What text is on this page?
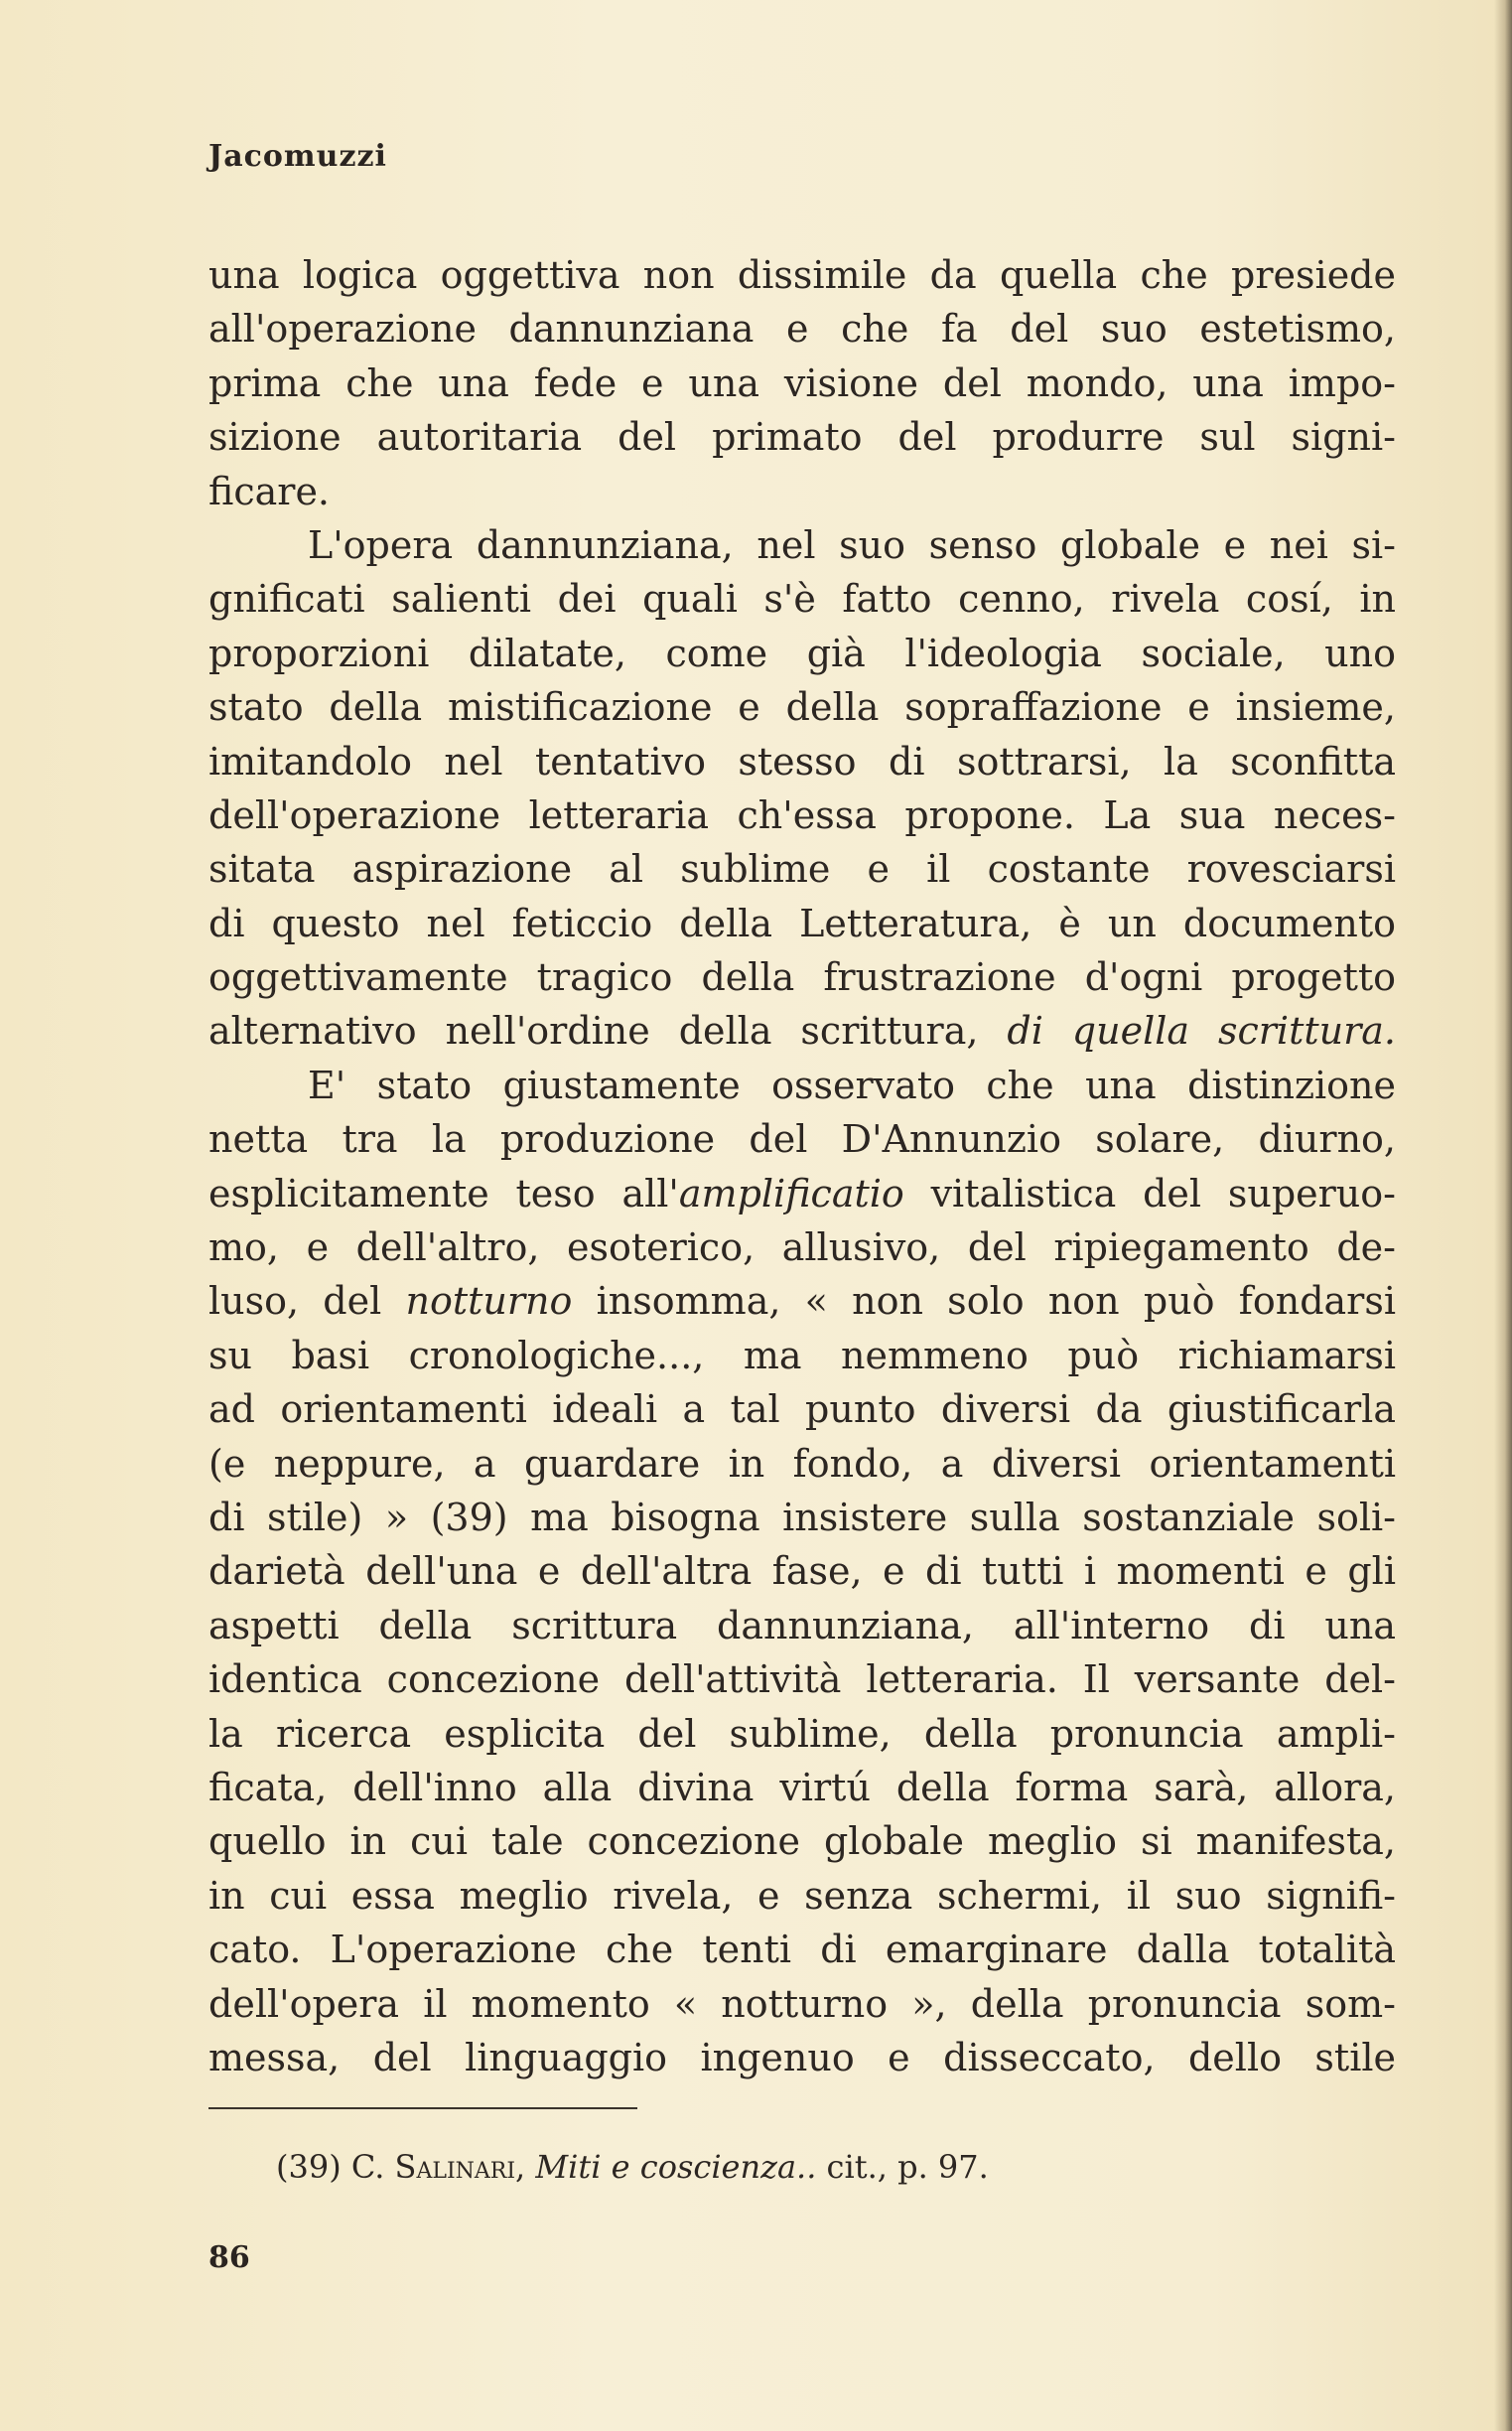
Jacomuzzi
una logica oggettiva non dissimile da quella che presiede
all'operazione dannunziana e che fa del suo estetismo,
prima che una fede e una visione del mondo, una impo-
sizione autoritaria del primato del produrre sul signi-
ficare.
L'opera dannunziana, nel suo senso globale e nei si-
gnificati salienti dei quali s'è fatto cenno, rivela cosí, in
proporzioni dilatate, come già l'ideologia sociale, uno
stato della mistificazione e della sopraffazione e insieme,
imitandolo nel tentativo stesso di sottrarsi, la sconfitta
dell'operazione letteraria ch'essa propone. La sua neces-
sitata aspirazione al sublime e il costante rovesciarsi
di questo nel feticcio della Letteratura, è un documento
oggettivamente tragico della frustrazione d'ogni progetto
alternativo nell'ordine della scrittura, di quella scrittura.
E' stato giustamente osservato che una distinzione
netta tra la produzione del D'Annunzio solare, diurno,
esplicitamente teso all'amplificatio vitalistica del superuo-
mo, e dell'altro, esoterico, allusivo, del ripiegamento de-
luso, del notturno insomma, « non solo non può fondarsi
su basi cronologiche..., ma nemmeno può richiamarsi
ad orientamenti ideali a tal punto diversi da giustificarla
(e neppure, a guardare in fondo, a diversi orientamenti
di stile) » (39) ma bisogna insistere sulla sostanziale soli-
darietà dell'una e dell'altra fase, e di tutti i momenti e gli
aspetti della scrittura dannunziana, all'interno di una
identica concezione dell'attività letteraria. Il versante del-
la ricerca esplicita del sublime, della pronuncia ampli-
ficata, dell'inno alla divina virtú della forma sarà, allora,
quello in cui tale concezione globale meglio si manifesta,
in cui essa meglio rivela, e senza schermi, il suo signifi-
cato. L'operazione che tenti di emarginare dalla totalità
dell'opera il momento « notturno », della pronuncia som-
messa, del linguaggio ingenuo e disseccato, dello stile
(39) C. Salinari, Miti e coscienza.. cit., p. 97.
86
